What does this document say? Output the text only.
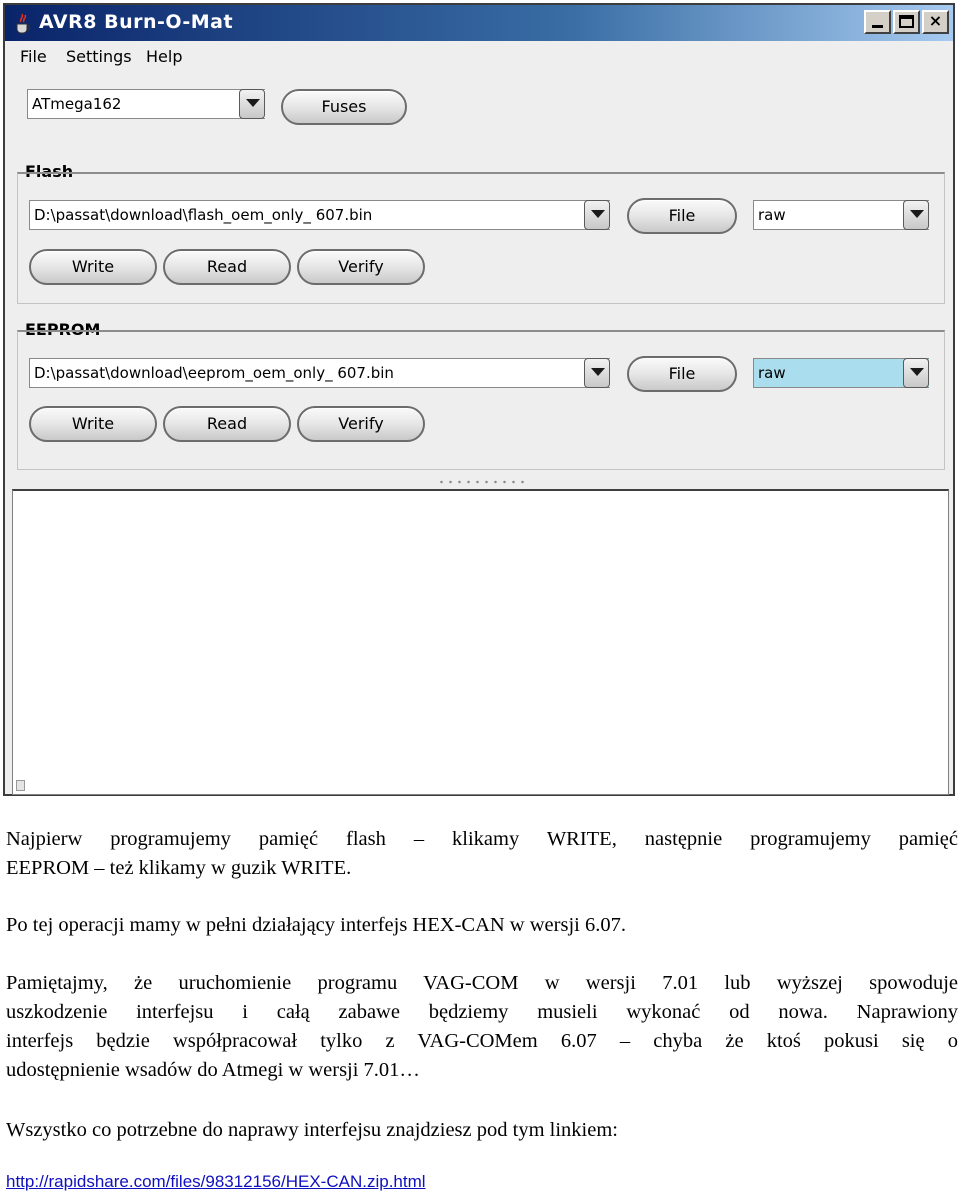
AVR8 Burn-O-Mat	×
File Settings Help
ATmega162	Fuses
Flash
D:\passat\download\flash_oem_only_ 607.bin	File	raw
Write	Read	Verify
EEPROM
D:\passat\download\eeprom_oem_only_ 607.bin	File	raw
Write	Read	Verify
Najpierw programujemy pamięć flash – klikamy WRITE, następnie programujemy pamięć
EEPROM – też klikamy w guzik WRITE.
Po tej operacji mamy w pełni działający interfejs HEX-CAN w wersji 6.07.
Pamiętajmy, że uruchomienie programu VAG-COM w wersji 7.01 lub wyższej spowoduje
uszkodzenie interfejsu i całą zabawe będziemy musieli wykonać od nowa. Naprawiony
interfejs będzie współpracował tylko z VAG-COMem 6.07 – chyba że ktoś pokusi się o
udostępnienie wsadów do Atmegi w wersji 7.01…
Wszystko co potrzebne do naprawy interfejsu znajdziesz pod tym linkiem:
http://rapidshare.com/files/98312156/HEX-CAN.zip.html
